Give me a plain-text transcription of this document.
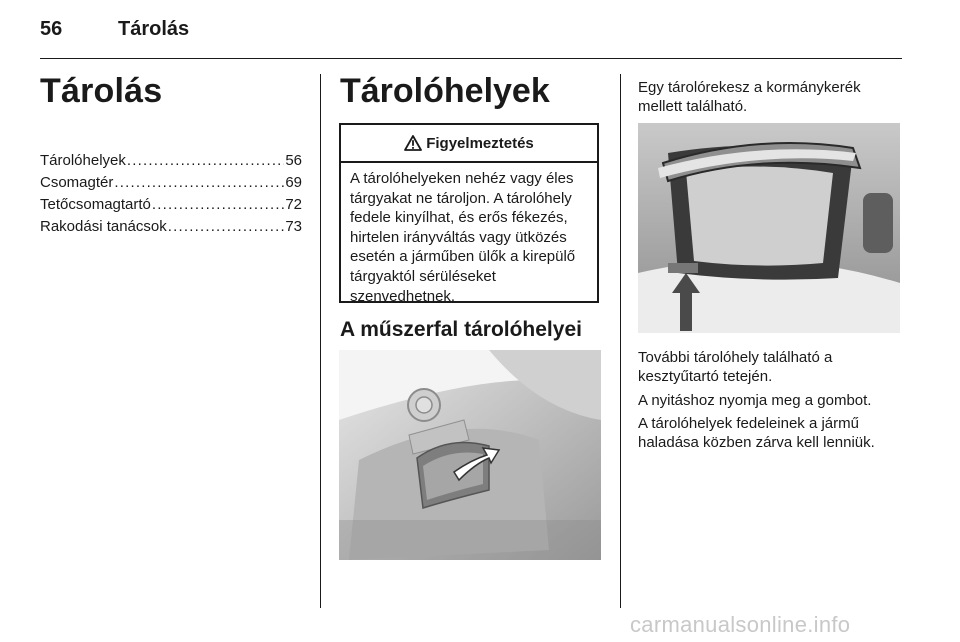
56	Tárolás
Tárolás
Tárolóhelyek .....	56
Csomagtér .....	69
Tetőcsomagtartó .....	72
Rakodási tanácsok .....	73
Tárolóhelyek
Figyelmeztetés
A tárolóhelyeken nehéz vagy éles tárgyakat ne tároljon. A tárolóhely fedele kinyílhat, és erős fékezés, hirtelen irányváltás vagy ütközés esetén a járműben ülők a kirepülő tárgyaktól sérüléseket szenvedhetnek.
A műszerfal tárolóhelyei
Egy tárolórekesz a kormánykerék mellett található.
További tárolóhely található a kesztyűtartó tetején.
A nyitáshoz nyomja meg a gombot.
A tárolóhelyek fedeleinek a jármű haladása közben zárva kell lenniük.
carmanualsonline.info
